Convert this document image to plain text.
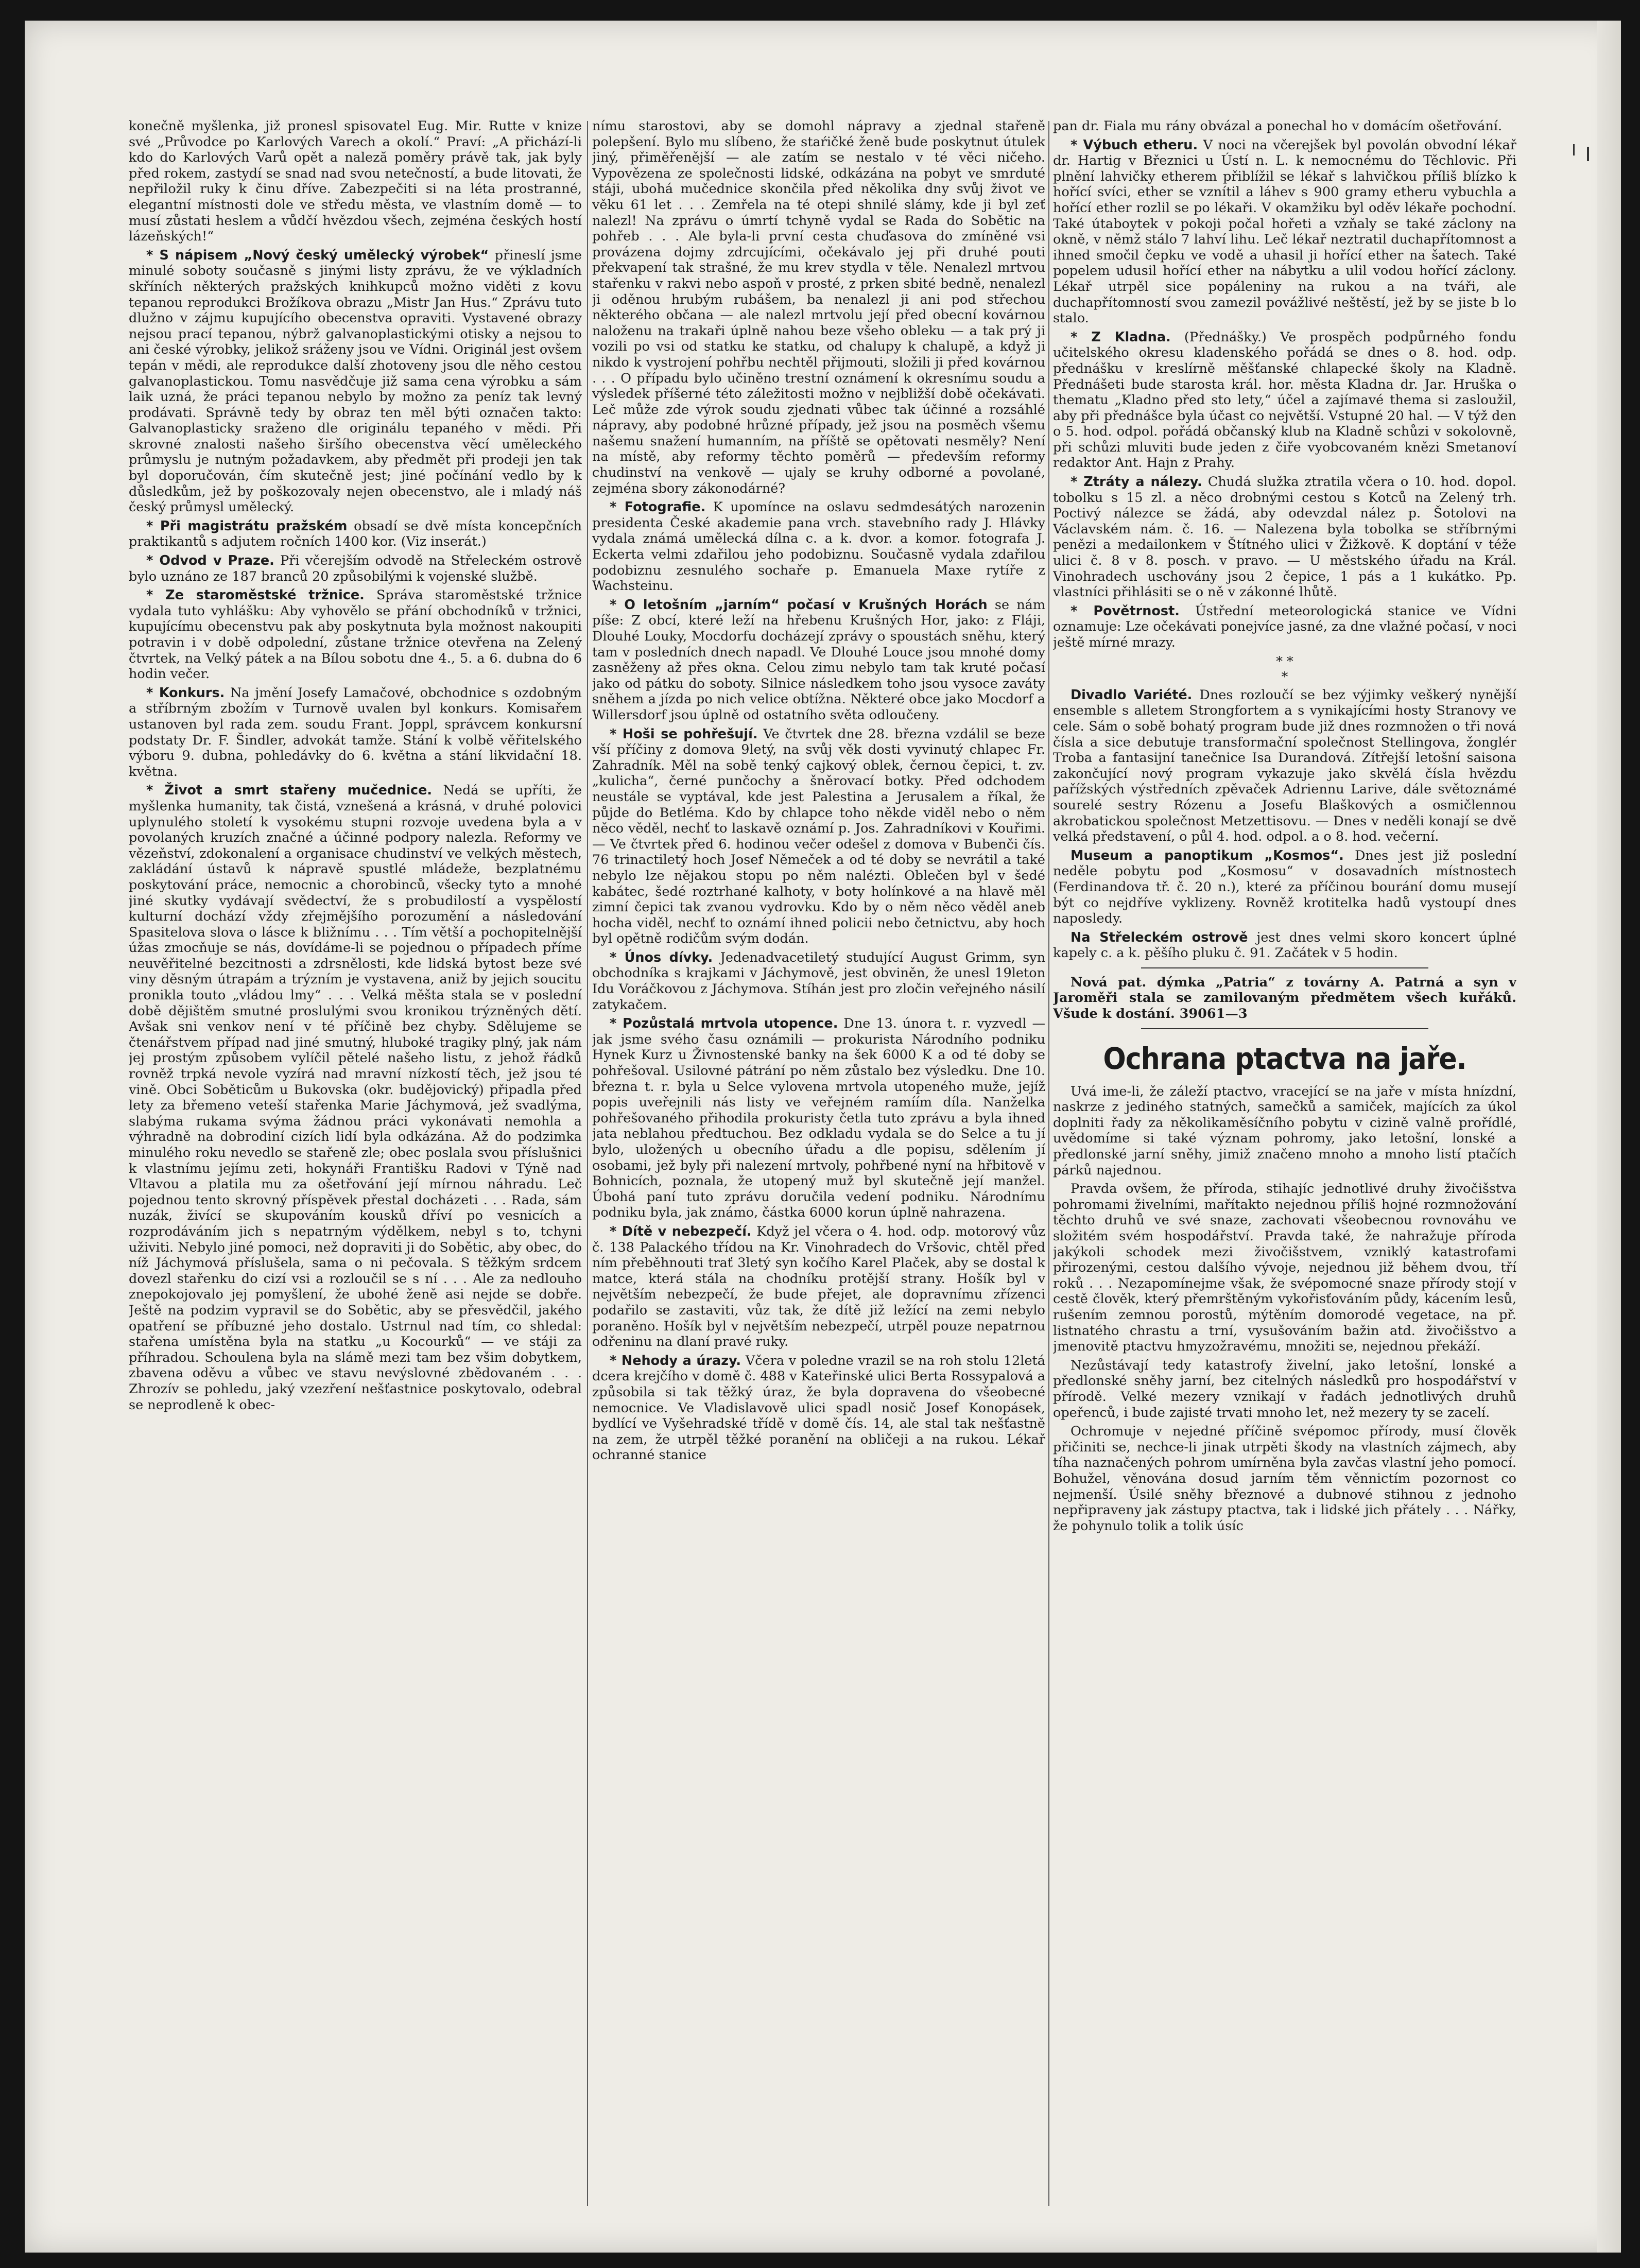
konečně myšlenka, již pronesl spisovatel Eug. Mir. Rutte v knize své „Průvodce po Karlových Varech a okolí.“ Praví: „A přichází-li kdo do Karlových Varů opět a naleză poměry právě tak, jak byly před rokem, zastydí se snad nad svou netečností, a bude litovati, že nepřiložil ruky k činu dříve. Zabezpečiti si na léta prostranné, elegantní místnosti dole ve středu města, ve vlastním domě — to musí zůstati heslem a vůdčí hvězdou všech, zejména českých hostí lázeňských!“

* S nápisem „Nový český umělecký výrobek“ přineslí jsme minulé soboty současně s jinými listy zprávu, že ve výkladních skříních některých pražských knihkupců možno viděti z kovu tepanou reprodukci Brožíkova obrazu „Mistr Jan Hus.“ Zprávu tuto dlužno v zájmu kupujícího obecenstva opraviti. Vystavené obrazy nejsou prací tepanou, nýbrž galvanoplastickými otisky a nejsou to ani české výrobky, jelikož sráženy jsou ve Vídni. Originál jest ovšem tepán v mědi, ale reprodukce další zhotoveny jsou dle něho cestou galvanoplastickou. Tomu nasvědčuje již sama cena výrobku a sám laik uzná, že práci tepanou nebylo by možno za peníz tak levný prodávati. Správně tedy by obraz ten měl býti označen takto: Galvanoplasticky sraženo dle originálu tepaného v mědi. Při skrovné znalosti našeho širšího obecenstva věcí uměleckého průmyslu je nutným požadavkem, aby předmět při prodeji jen tak byl doporučován, čím skutečně jest; jiné počínání vedlo by k důsledkům, jež by poškozovaly nejen obecenstvo, ale i mladý náš český průmysl umělecký.

* Při magistrátu pražském obsadí se dvě místa koncepčních praktikantů s adjutem ročních 1400 kor. (Viz inserát.)

* Odvod v Praze. Při včerejším odvodě na Střeleckém ostrově bylo uznáno ze 187 branců 20 způsobilými k vojenské službě.

* Ze staroměstské tržnice. Správa staroměstské tržnice vydala tuto vyhlášku: Aby vyhovělo se přání obchodníků v tržnici, kupujícímu obecenstvu pak aby poskytnuta byla možnost nakoupiti potravin i v době odpolední, zůstane tržnice otevřena na Zelený čtvrtek, na Velký pátek a na Bílou sobotu dne 4., 5. a 6. dubna do 6 hodin večer.

* Konkurs. Na jmění Josefy Lamačové, obchodnice s ozdobným a stříbrným zbožím v Turnově uvalen byl konkurs. Komisařem ustanoven byl rada zem. soudu Frant. Joppl, správcem konkursní podstaty Dr. F. Šindler, advokát tamže. Stání k volbě věřitelského výboru 9. dubna, pohledávky do 6. května a stání likvidační 18. května.

* Život a smrt stařeny mučednice. Nedá se upříti, že myšlenka humanity, tak čistá, vznešená a krásná, v druhé polovici uplynulého století k vysokému stupni rozvoje uvedena byla a v povolaných kruzích značné a účinné podpory nalezla. Reformy ve vězeňství, zdokonalení a organisace chudinství ve velkých městech, zakládání ústavů k nápravě spustlé mládeže, bezplatnému poskytování práce, nemocnic a chorobinců, všecky tyto a mnohé jiné skutky vydávají svědectví, že s probudilostí a vyspělostí kulturní dochází vždy zřejmějšího porozumění a následování Spasitelova slova o lásce k bližnímu . . . Tím větší a pochopitelnější úžas zmocňuje se nás, dovídáme-li se pojednou o případech příme neuvěřitelné bezcitnosti a zdrsnělosti, kde lidská bytost beze své viny děsným útrapám a trýzním je vystavena, aniž by jejich soucitu pronikla touto „vládou lmy“ . . . Velká měšta stala se v poslední době dějištěm smutné proslulými svou kronikou trýzněných dětí. Avšak sni venkov není v té příčině bez chyby. Sdělujeme se čtenářstvem případ nad jiné smutný, hluboké tragiky plný, jak nám jej prostým způsobem vylíčil pětelé našeho listu, z jehož řádků rovněž trpká nevole vyzírá nad mravní nízkostí těch, jež jsou té vině. Obci Soběticům u Bukovska (okr. budějovický) připadla před lety za břemeno veteší stařenka Marie Jáchymová, jež svadlýma, slabýma rukama svýma žádnou práci vykonávati nemohla a výhradně na dobrodiní cizích lidí byla odkázána. Až do podzimka minulého roku nevedlo se stařeně zle; obec poslala svou příslušnici k vlastnímu jejímu zeti, hokynáři Františku Radovi v Týně nad Vltavou a platila mu za ošetřování její mírnou náhradu. Leč pojednou tento skrovný příspěvek přestal docházeti . . . Rada, sám nuzák, živící se skupováním kousků dříví po vesnicích a rozprodáváním jich s nepatrným výdělkem, nebyl s to, tchyni uživiti. Nebylo jiné pomoci, než dopraviti ji do Sobětic, aby obec, do níž Jáchymová příslušela, sama o ni pečovala. S těžkým srdcem dovezl stařenku do cizí vsi a rozloučil se s ní . . . Ale za nedlouho znepokojovalo jej pomyšlení, že ubohé ženě asi nejde se dobře. Ještě na podzim vypravil se do Sobětic, aby se přesvědčil, jakého opatření se příbuzné jeho dostalo. Ustrnul nad tím, co shledal: stařena umístěna byla na statku „u Kocourků“ — ve stáji za příhradou. Schoulena byla na slámě mezi tam bez všim dobytkem, zbavena oděvu a vůbec ve stavu nevýslovné zbědovaném . . . Zhrozív se pohledu, jaký vzezření nešťastnice poskytovalo, odebral se neprodleně k obec-

nímu starostovi, aby se domohl nápravy a zjednal stařeně polepšení. Bylo mu slíbeno, že staŕičké ženě bude poskytnut útulek jiný, přiměřenější — ale zatím se nestalo v té věci ničeho. Vypovězena ze společnosti lidské, odkázána na pobyt ve smrduté stáji, ubohá mučednice skončila před několika dny svůj život ve věku 61 let . . . Zemřela na té otepi shnilé slámy, kde ji byl zeť nalezl! Na zprávu o úmrtí tchyně vydal se Rada do Sobětic na pohřeb . . . Ale byla-li první cesta chuďasova do zmíněné vsi provázena dojmy zdrcujícími, očekávalo jej při druhé pouti překvapení tak strašné, že mu krev stydla v těle. Nenalezl mrtvou stařenku v rakvi nebo aspoň v prosté, z prken sbité bedně, nenalezl ji oděnou hrubým rubášem, ba nenalezl ji ani pod střechou některého občana — ale nalezl mrtvolu její před obecní kovárnou naloženu na trakaři úplně nahou beze všeho obleku — a tak prý ji vozili po vsi od statku ke statku, od chalupy k chalupě, a když ji nikdo k vystrojení pohřbu nechtěl přijmouti, složili ji před kovárnou . . . O případu bylo učiněno trestní oznámení k okresnímu soudu a výsledek příšerné této záležitosti možno v nejbližší době očekávati. Leč může zde výrok soudu zjednati vůbec tak účinné a rozsáhlé nápravy, aby podobné hrůzné případy, jež jsou na posměch všemu našemu snažení humanním, na příště se opětovati nesměly? Není na místě, aby reformy těchto poměrů — především reformy chudinství na venkově — ujaly se kruhy odborné a povolané, zejména sbory zákonodárné?

* Fotografie. K upomínce na oslavu sedmdesátých narozenin presidenta České akademie pana vrch. stavebního rady J. Hlávky vydala známá umělecká dílna c. a k. dvor. a komor. fotografa J. Eckerta velmi zdařilou jeho podobiznu. Současně vydala zdařilou podobiznu zesnulého sochaře p. Emanuela Maxe rytíře z Wachsteinu.

* O letošním „jarním“ počasí v Krušných Horách se nám píše: Z obcí, které leží na hřebenu Krušných Hor, jako: z Fláji, Dlouhé Louky, Mocdorfu docházejí zprávy o spoustách sněhu, který tam v posledních dnech napadl. Ve Dlouhé Louce jsou mnohé domy zasněženy až přes okna. Celou zimu nebylo tam tak kruté počasí jako od pátku do soboty. Silnice následkem toho jsou vysoce zaváty sněhem a jízda po nich velice obtížna. Některé obce jako Mocdorf a Willersdorf jsou úplně od ostatního světa odloučeny.

* Hoši se pohřešují. Ve čtvrtek dne 28. března vzdálil se beze vší příčiny z domova 9letý, na svůj věk dosti vyvinutý chlapec Fr. Zahradník. Měl na sobě tenký cajkový oblek, černou čepici, t. zv. „kulicha“, černé punčochy a šněrovací botky. Před odchodem neustále se vyptával, kde jest Palestina a Jerusalem a říkal, že půjde do Betléma. Kdo by chlapce toho někde viděl nebo o něm něco věděl, nechť to laskavě oznámí p. Jos. Zahradníkovi v Kouřimi. — Ve čtvrtek před 6. hodinou večer odešel z domova v Bubenči čís. 76 trinactiletý hoch Josef Němeček a od té doby se nevrátil a také nebylo lze nějakou stopu po něm nalézti. Oblečen byl v šedé kabátec, šedé roztrhané kalhoty, v boty holínkové a na hlavě měl zimní čepici tak zvanou vydrovku. Kdo by o něm něco věděl aneb hocha viděl, nechť to oznámí ihned policii nebo četnictvu, aby hoch byl opětně rodičům svým dodán.

* Únos dívky. Jedenadvacetiletý studující August Grimm, syn obchodníka s krajkami v Jáchymově, jest obviněn, že unesl 19leton Idu Voráčkovou z Jáchymova. Stíhán jest pro zločin veřejného násilí zatykačem.

* Pozůstalá mrtvola utopence. Dne 13. února t. r. vyzvedl — jak jsme svého času oznámili — prokurista Národního podniku Hynek Kurz u Živnostenské banky na šek 6000 K a od té doby se pohřešoval. Usilovné pátrání po něm zůstalo bez výsledku. Dne 10. března t. r. byla u Selce vylovena mrtvola utopeného muže, jejíž popis uveřejnili nás listy ve veřejném ramíím díla. Nanželka pohřešovaného přihodila prokuristy četla tuto zprávu a byla ihned jata neblahou předtuchou. Bez odkladu vydala se do Selce a tu jí bylo, uložených u obecního úřadu a dle popisu, sdělením jí osobami, jež byly při nalezení mrtvoly, pohřbené nyní na hřbitově v Bohnicích, poznala, že utopený muž byl skutečně její manžel. Úbohá paní tuto zprávu doručila vedení podniku. Národnímu podniku byla, jak známo, částka 6000 korun úplně nahrazena.

* Dítě v nebezpečí. Když jel včera o 4. hod. odp. motorový vůz č. 138 Palackého třídou na Kr. Vinohradech do Vršovic, chtěl před ním přeběhnouti trať 3letý syn kočího Karel Plaček, aby se dostal k matce, která stála na chodníku protější strany. Hošík byl v největším nebezpečí, že bude přejet, ale dopravnímu zřízenci podařilo se zastaviti, vůz tak, že dítě již ležící na zemi nebylo poraněno. Hošík byl v největším nebezpečí, utrpěl pouze nepatrnou odřeninu na dlaní pravé ruky.

* Nehody a úrazy. Včera v poledne vrazil se na roh stolu 12letá dcera krejčího v domě č. 488 v Kateřinské ulici Berta Rossypalová a způsobila si tak těžký úraz, že byla dopravena do všeobecné nemocnice. Ve Vladislavově ulici spadl nosič Josef Konopásek, bydlící ve Vyšehradské třídě v domě čís. 14, ale stal tak nešťastně na zem, že utrpěl těžké poranění na obličeji a na rukou. Lékař ochranné stanice

pan dr. Fiala mu rány obvázal a ponechal ho v domácím ošetřování.

* Výbuch etheru. V noci na včerejšek byl povolán obvodní lékař dr. Hartig v Březnici u Ústí n. L. k nemocnému do Těchlovic. Při plnění lahvičky etherem přiblížil se lékař s lahvičkou příliš blízko k hořící svíci, ether se vznítil a láhev s 900 gramy etheru vybuchla a hořící ether rozlil se po lékaři. V okamžiku byl oděv lékaře pochodní. Také útaboytek v pokoji počal hořeti a vzňaly se také záclony na okně, v němž stálo 7 lahví lihu. Leč lékař neztratil duchapřítomnost a ihned smočil čepku ve vodě a uhasil ji hořící ether na šatech. Také popelem udusil hořící ether na nábytku a ulil vodou hořící záclony. Lékař utrpěl sice popáleniny na rukou a na tváři, ale duchapřítomností svou zamezil povážlivé neštěstí, jež by se jiste b lo stalo.

* Z Kladna. (Přednášky.) Ve prospěch podpůrného fondu učitelského okresu kladenského pořádá se dnes o 8. hod. odp. přednášku v kreslírně měšťanské chlapecké školy na Kladně. Přednášeti bude starosta král. hor. města Kladna dr. Jar. Hruška o thematu „Kladno před sto lety,“ účel a zajímavé thema si zasloužil, aby při přednášce byla účast co největší. Vstupné 20 hal. — V týž den o 5. hod. odpol. pořádá občanský klub na Kladně schůzi v sokolovně, při schůzi mluviti bude jeden z čiře vyobcovaném knězi Smetanoví redaktor Ant. Hajn z Prahy.

* Ztráty a nálezy. Chudá služka ztratila včera o 10. hod. dopol. tobolku s 15 zl. a něco drobnými cestou s Kotců na Zelený trh. Poctivý nálezce se žádá, aby odevzdal nález p. Šotolovi na Václavském nám. č. 16. — Nalezena byla tobolka se stříbrnými penězi a medailonkem v Štítného ulici v Žižkově. K doptání v téže ulici č. 8 v 8. posch. v pravo. — U městského úřadu na Král. Vinohradech uschovány jsou 2 čepice, 1 pás a 1 kukátko. Pp. vlastníci přihlásiti se o ně v zákonné lhůtě.

* Povětrnost. Ústřední meteorologická stanice ve Vídni oznamuje: Lze očekávati ponejvíce jasné, za dne vlažné počasí, v noci ještě mírné mrazy.

* *
*

Divadlo Variété. Dnes rozloučí se bez výjimky veškerý nynější ensemble s alletem Strongfortem a s vynikajícími hosty Stranovy ve cele. Sám o sobě bohatý program bude již dnes rozmnožen o tři nová čísla a sice debutuje transformační společnost Stellingova, žonglér Troba a fantasijní tanečnice Isa Durandová. Zítřejší letošní saisona zakončující nový program vykazuje jako skvělá čísla hvězdu pařížských výstředních zpěvaček Adriennu Larive, dále světoznámé sourelé sestry Rózenu a Josefu Blaškových a osmičlennou akrobatickou společnost Metzettisovu. — Dnes v neděli konají se dvě velká představení, o půl 4. hod. odpol. a o 8. hod. večerní.

Museum a panoptikum „Kosmos“. Dnes jest již poslední neděle pobytu pod „Kosmosu“ v dosavadních místnostech (Ferdinandova tř. č. 20 n.), které za příčinou bourání domu musejí být co nejdříve vyklizeny. Rovněž krotitelka hadů vystoupí dnes naposledy.

Na Střeleckém ostrově jest dnes velmi skoro koncert úplné kapely c. a k. pěšího pluku č. 91. Začátek v 5 hodin.

Nová pat. dýmka „Patria“ z továrny A. Patrná a syn v Jaroměři stala se zamilovaným předmětem všech kuřáků. Všude k dostání. 39061—3

Ochrana ptactva na jaře.

Uvá ime-li, že záleží ptactvo, vracející se na jaře v místa hnízdní, naskrze z jediného statných, samečků a samiček, majících za úkol doplniti řady za několikaměsíčního pobytu v cizině valně prořídlé, uvědomíme si také význam pohromy, jako letošní, lonské a předlonské jarní sněhy, jimiž značeno mnoho a mnoho listí ptačích párků najednou.

Pravda ovšem, že příroda, stihajíc jednotlivé druhy živočišstva pohromami živelními, mařítakto nejednou příliš hojné rozmnožování těchto druhů ve své snaze, zachovati všeobecnou rovnováhu ve složitém svém hospodářství. Pravda také, že nahražuje příroda jakýkoli schodek mezi živočišstvem, vzniklý katastrofami přirozenými, cestou dalšího vývoje, nejednou již během dvou, tří roků . . . Nezapomínejme však, že svépomocné snaze přírody stojí v cestě člověk, který přemrštěným vykořisťováním půdy, kácením lesů, rušením zemnou porostů, mýtěním domorodé vegetace, na př. listnatého chrastu a trní, vysušováním bažin atd. živočišstvo a jmenovitě ptactvu hmyzožravému, množiti se, nejednou překáží.

Nezůstávají tedy katastrofy živelní, jako letošní, lonské a předlonské sněhy jarní, bez citelných následků pro hospodářství v přírodě. Velké mezery vznikají v řadách jednotlivých druhů opeřenců, i bude zajisté trvati mnoho let, než mezery ty se zacelí.

Ochromuje v nejedné příčině svépomoc přírody, musí člověk přičiniti se, nechce-li jinak utrpěti škody na vlastních zájmech, aby tíha naznačených pohrom umírněna byla zavčas vlastní jeho pomocí. Bohužel, věnována dosud jarním těm věnnictím pozornost co nejmenší. Úsilé sněhy březnové a dubnové stihnou z jednoho nepřipraveny jak zástupy ptactva, tak i lidské jich přátely . . . Nářky, že pohynulo tolik a tolik úsíc
